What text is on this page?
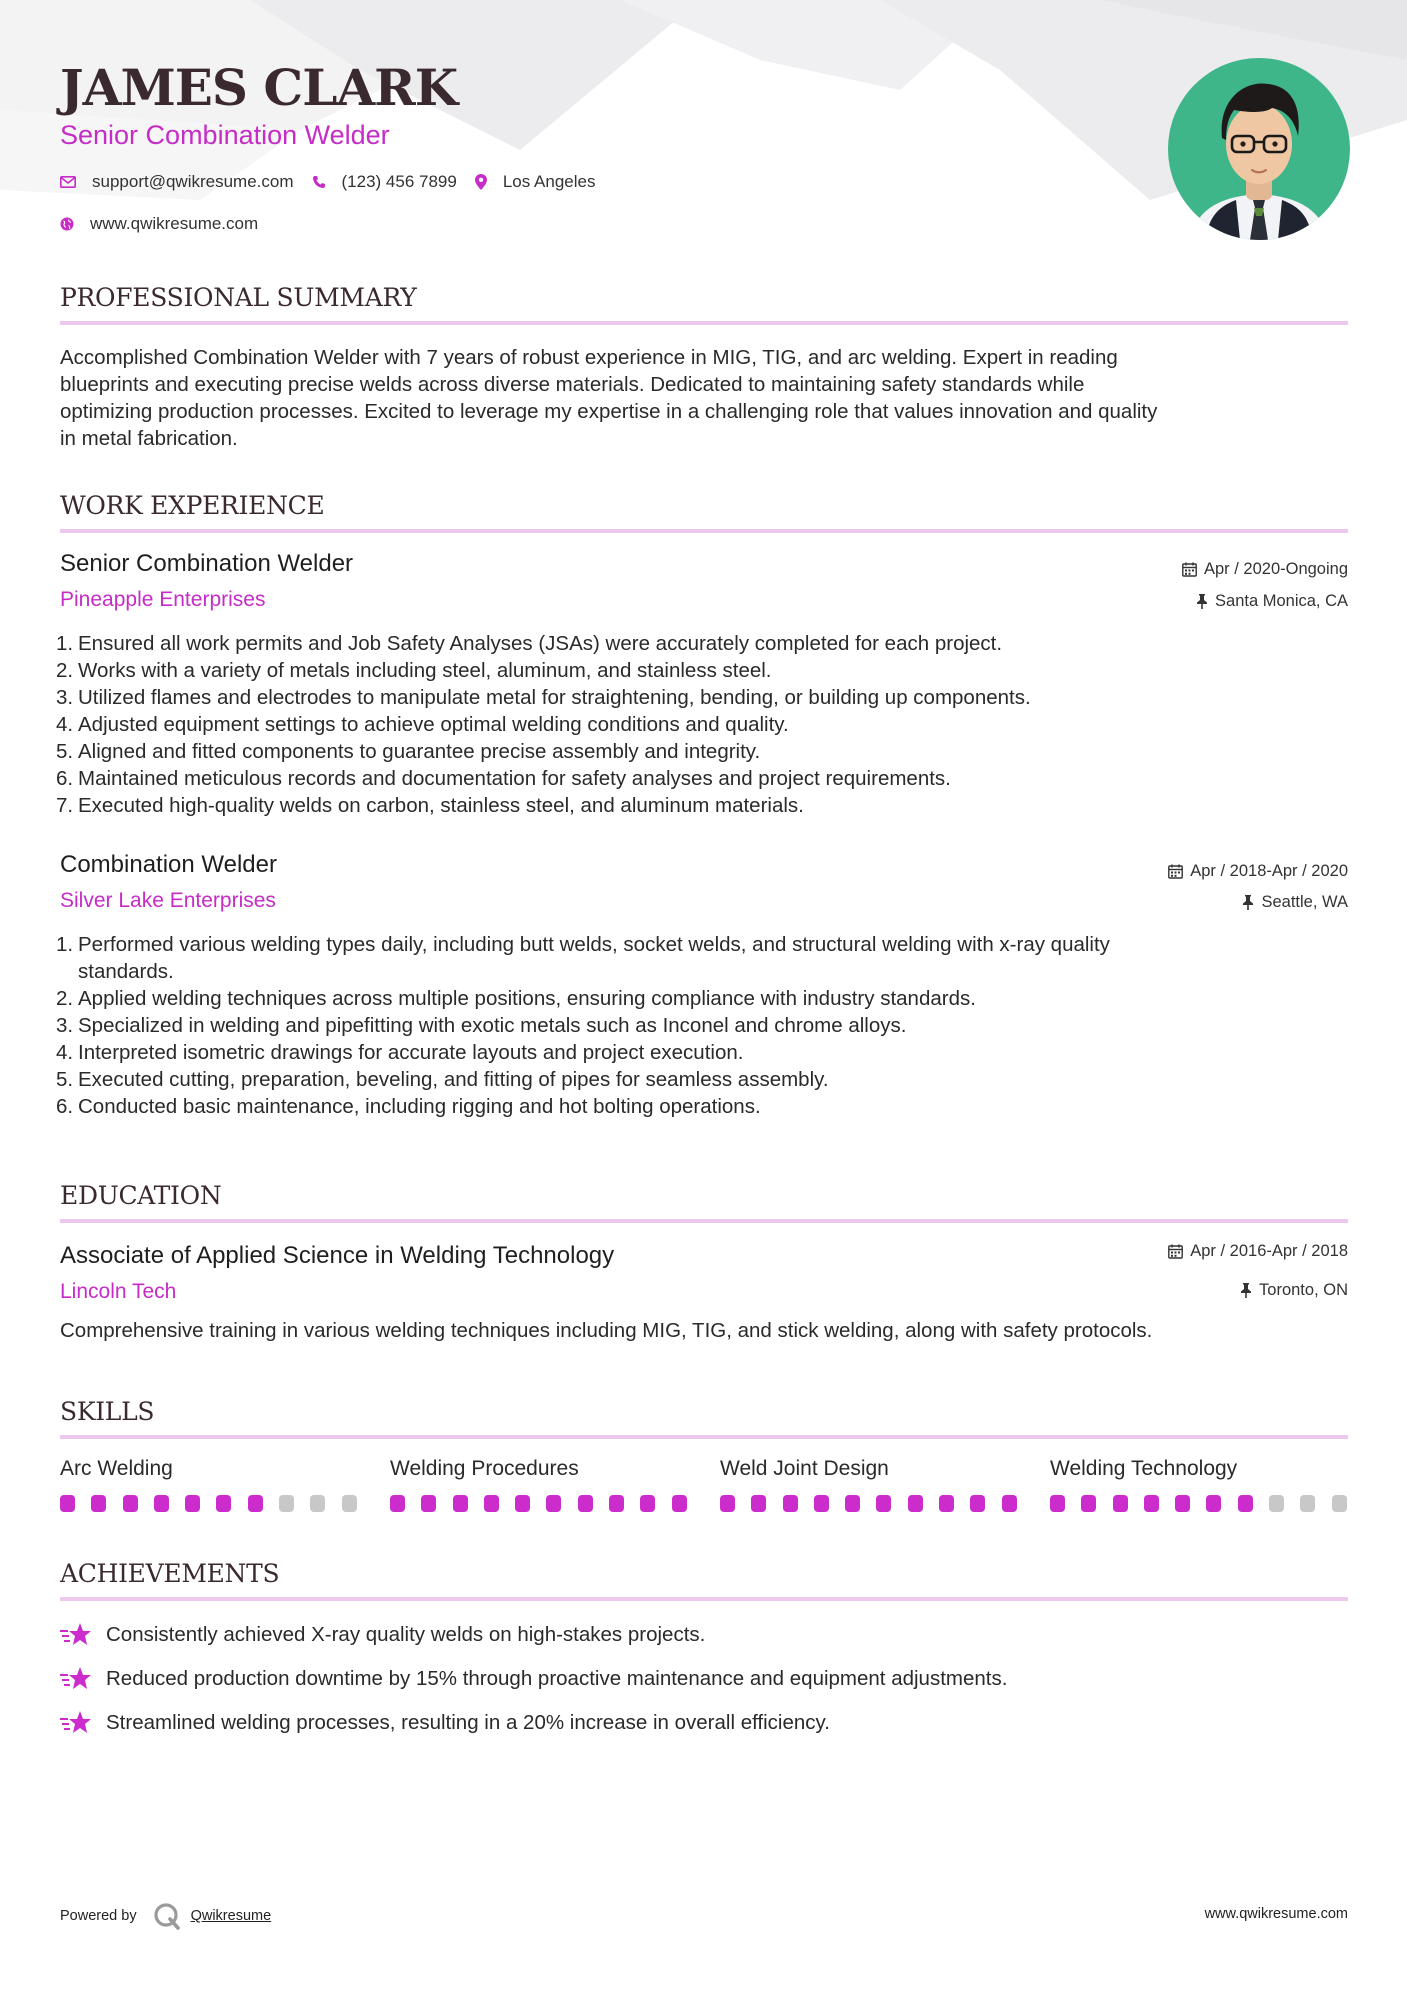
JAMES CLARK
Senior Combination Welder
support@qwikresume.com	(123) 456 7899	Los Angeles
www.qwikresume.com
PROFESSIONAL SUMMARY
Accomplished Combination Welder with 7 years of robust experience in MIG, TIG, and arc welding. Expert in reading
blueprints and executing precise welds across diverse materials. Dedicated to maintaining safety standards while
optimizing production processes. Excited to leverage my expertise in a challenging role that values innovation and quality
in metal fabrication.
WORK EXPERIENCE
Senior Combination Welder
Pineapple Enterprises
Apr / 2020-Ongoing
Santa Monica, CA
1. Ensured all work permits and Job Safety Analyses (JSAs) were accurately completed for each project.
2. Works with a variety of metals including steel, aluminum, and stainless steel.
3. Utilized flames and electrodes to manipulate metal for straightening, bending, or building up components.
4. Adjusted equipment settings to achieve optimal welding conditions and quality.
5. Aligned and fitted components to guarantee precise assembly and integrity.
6. Maintained meticulous records and documentation for safety analyses and project requirements.
7. Executed high-quality welds on carbon, stainless steel, and aluminum materials.
Combination Welder
Silver Lake Enterprises
Apr / 2018-Apr / 2020
Seattle, WA
1. Performed various welding types daily, including butt welds, socket welds, and structural welding with x-ray quality
standards.
2. Applied welding techniques across multiple positions, ensuring compliance with industry standards.
3. Specialized in welding and pipefitting with exotic metals such as Inconel and chrome alloys.
4. Interpreted isometric drawings for accurate layouts and project execution.
5. Executed cutting, preparation, beveling, and fitting of pipes for seamless assembly.
6. Conducted basic maintenance, including rigging and hot bolting operations.
EDUCATION
Associate of Applied Science in Welding Technology
Lincoln Tech
Apr / 2016-Apr / 2018
Toronto, ON
Comprehensive training in various welding techniques including MIG, TIG, and stick welding, along with safety protocols.
SKILLS
Arc Welding	Welding Procedures	Weld Joint Design	Welding Technology
ACHIEVEMENTS
Consistently achieved X-ray quality welds on high-stakes projects.
Reduced production downtime by 15% through proactive maintenance and equipment adjustments.
Streamlined welding processes, resulting in a 20% increase in overall efficiency.
Powered by	Qwikresume	www.qwikresume.com
